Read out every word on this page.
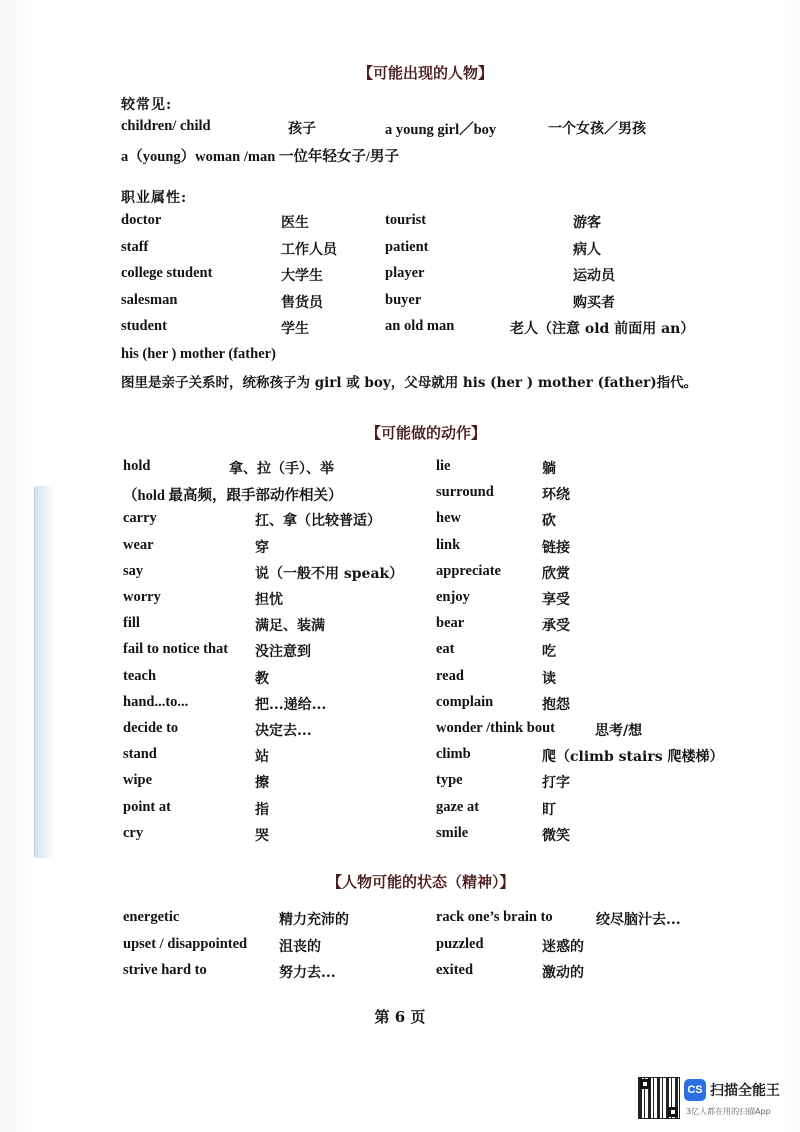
【可能出现的人物】
较常见:
children/ child	孩子	a young girl／boy	一个女孩／男孩
a（young）woman /man 一位年轻女子/男子
职业属性:
doctor	医生	tourist	游客
staff	工作人员	patient	病人
college student	大学生	player	运动员
salesman	售货员	buyer	购买者
student	学生	an old man	老人（注意 old 前面用 an）
his (her ) mother (father)
图里是亲子关系时，统称孩子为 girl 或 boy，父母就用 his (her ) mother (father)指代。
【可能做的动作】
hold	拿、拉（手）、举	lie	躺
（hold 最高频，跟手部动作相关）	surround	环绕
carry	扛、拿（比较普适）	hew	砍
wear	穿	link	链接
say	说（一般不用 speak） appreciate	欣赏
worry	担忧	enjoy	享受
fill	满足、装满	bear	承受
fail to notice that 没注意到	eat	吃
teach	教	read	读
hand...to...	把...递给...	complain	抱怨
decide to	决定去...	wonder /think bout	思考/想
stand	站	climb	爬（climb stairs 爬楼梯）
wipe	擦	type	打字
point at	指	gaze at	盯
cry	哭	smile	微笑
【人物可能的状态（精神）】
energetic	精力充沛的	rack one’s brain to	绞尽脑汁去...
upset / disappointed 沮丧的	puzzled	迷惑的
strive hard to	努力去...	exited	激动的
第 6 页
CS 扫描全能王
3亿人都在用的扫描App
